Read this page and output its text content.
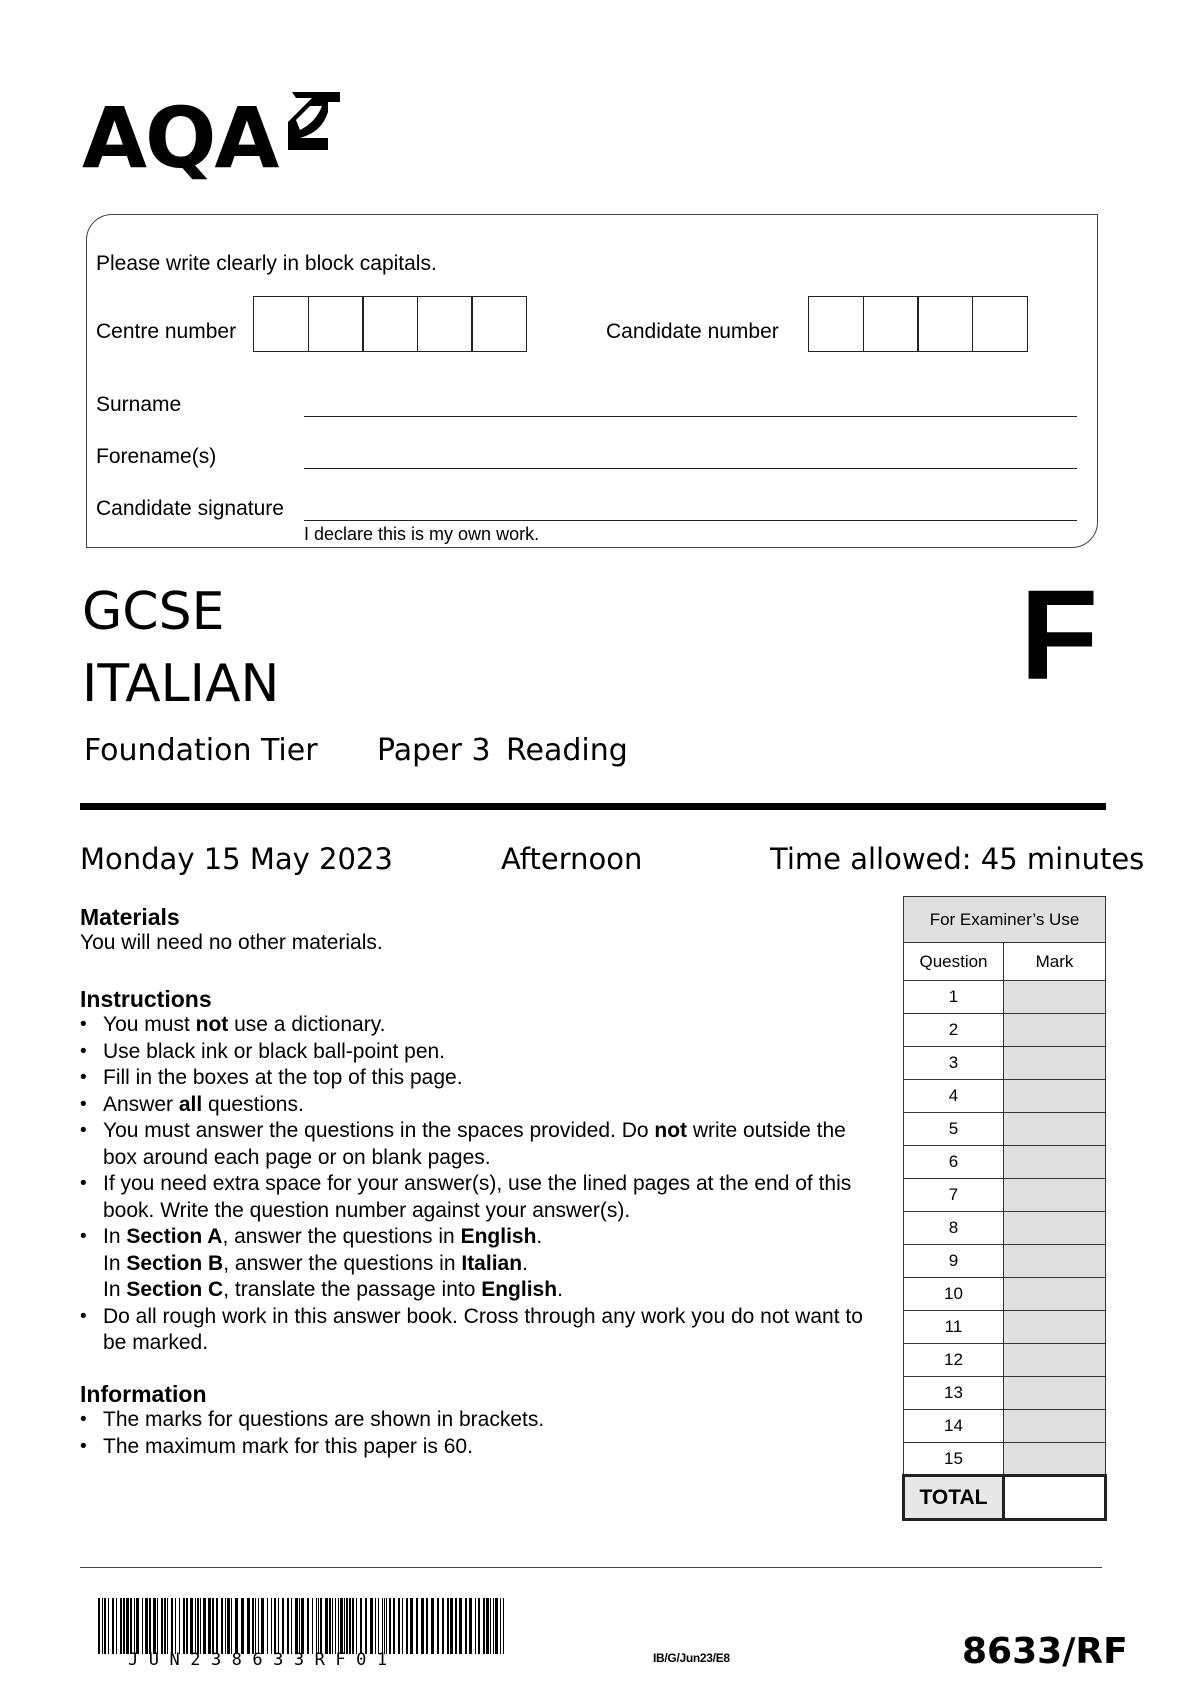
AQA
Please write clearly in block capitals.
Centre number	Candidate number
Surname
Forename(s)
Candidate signature
I declare this is my own work.
GCSE
ITALIAN	F
Foundation Tier Paper 3 Reading
Monday 15 May 2023	Afternoon	Time allowed: 45 minutes
Materials
You will need no other materials.
Instructions
• You must not use a dictionary.
• Use black ink or black ball-point pen.
• Fill in the boxes at the top of this page.
• Answer all questions.
• You must answer the questions in the spaces provided. Do not write outside the box around each page or on blank pages.
• If you need extra space for your answer(s), use the lined pages at the end of this book. Write the question number against your answer(s).
• In Section A, answer the questions in English.
In Section B, answer the questions in Italian.
In Section C, translate the passage into English.
• Do all rough work in this answer book. Cross through any work you do not want to be marked.
Information
• The marks for questions are shown in brackets.
• The maximum mark for this paper is 60.
For Examiner’s Use	
Question	Mark
1	
2	
3	
4	
5	
6	
7	
8	
9	
10	
11	
12	
13	
14	
15	
TOTAL	
JUN238633RF01	IB/G/Jun23/E8	8633/RF
